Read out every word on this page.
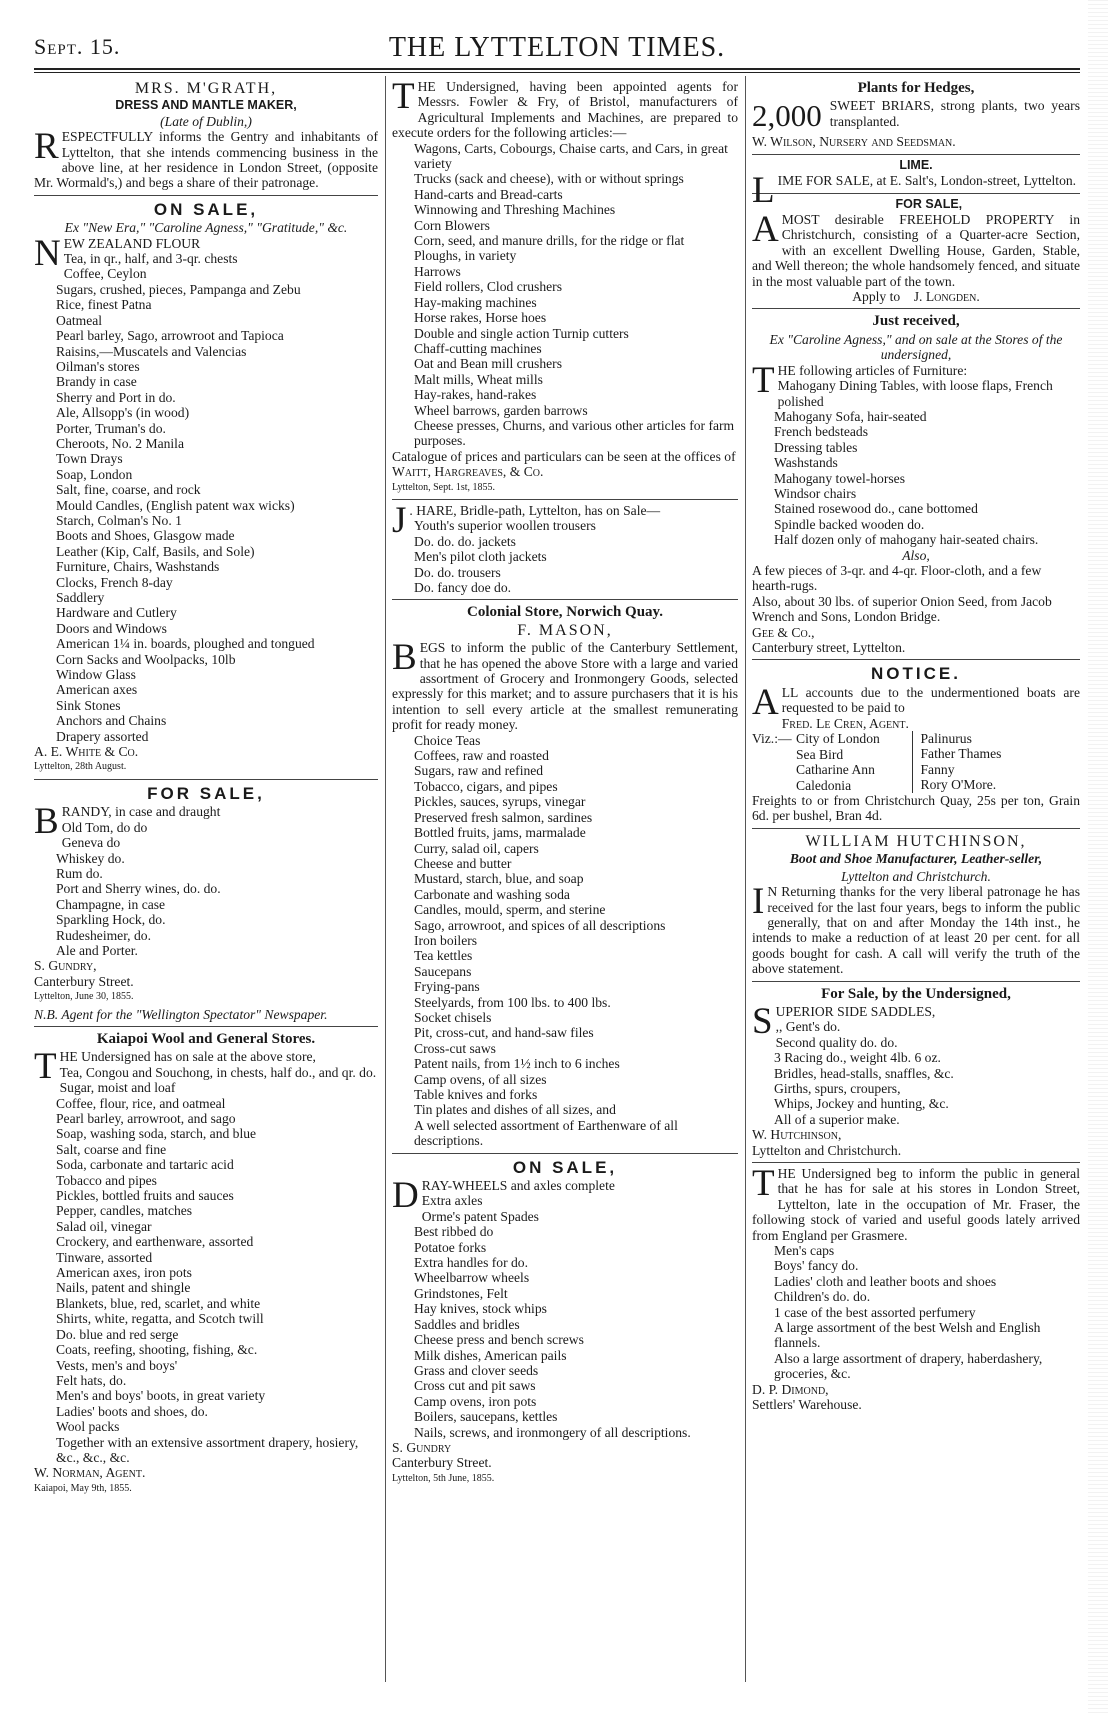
Sept. 15.	THE LYTTELTON TIMES.
MRS. M'GRATH,
DRESS AND MANTLE MAKER,
(Late of Dublin,)

RESPECTFULLY informs the Gentry and inhabitants of Lyttelton, that she intends commencing business in the above line, at her residence in London Street, (opposite Mr. Wormald's,) and begs a share of their patronage.

ON SALE,
Ex "New Era," "Caroline Agness," "Gratitude," &c.

NEW ZEALAND FLOUR

Tea, in qr., half, and 3-qr. chests
Coffee, Ceylon
Sugars, crushed, pieces, Pampanga and Zebu
Rice, finest Patna
Oatmeal
Pearl barley, Sago, arrowroot and Tapioca
Raisins,—Muscatels and Valencias
Oilman's stores
Brandy in case
Sherry and Port in do.
Ale, Allsopp's (in wood)
Porter, Truman's do.
Cheroots, No. 2 Manila
Town Drays
Soap, London
Salt, fine, coarse, and rock
Mould Candles, (English patent wax wicks)
Starch, Colman's No. 1
Boots and Shoes, Glasgow made
Leather (Kip, Calf, Basils, and Sole)
Furniture, Chairs, Washstands
Clocks, French 8-day
Saddlery
Hardware and Cutlery
Doors and Windows
American 1¼ in. boards, ploughed and tongued
Corn Sacks and Woolpacks, 10lb
Window Glass
American axes
Sink Stones
Anchors and Chains
Drapery assorted

A. E. White & Co.

Lyttelton, 28th August.

FOR SALE,

BRANDY, in case and draught

Old Tom, do do
Geneva do
Whiskey do.
Rum do.
Port and Sherry wines, do. do.
Champagne, in case
Sparkling Hock, do.
Rudesheimer, do.
Ale and Porter.

S. Gundry,

Canterbury Street.

Lyttelton, June 30, 1855.

N.B. Agent for the "Wellington Spectator" Newspaper.

Kaiapoi Wool and General Stores.

THE Undersigned has on sale at the above store,

Tea, Congou and Souchong, in chests, half do., and qr. do.
Sugar, moist and loaf
Coffee, flour, rice, and oatmeal
Pearl barley, arrowroot, and sago
Soap, washing soda, starch, and blue
Salt, coarse and fine
Soda, carbonate and tartaric acid
Tobacco and pipes
Pickles, bottled fruits and sauces
Pepper, candles, matches
Salad oil, vinegar
Crockery, and earthenware, assorted
Tinware, assorted
American axes, iron pots
Nails, patent and shingle
Blankets, blue, red, scarlet, and white
Shirts, white, regatta, and Scotch twill
Do. blue and red serge
Coats, reefing, shooting, fishing, &c.
Vests, men's and boys'
Felt hats, do.
Men's and boys' boots, in great variety
Ladies' boots and shoes, do.
Wool packs
Together with an extensive assortment drapery, hosiery, &c., &c., &c.

W. Norman, Agent.

Kaiapoi, May 9th, 1855.

THE Undersigned, having been appointed agents for Messrs. Fowler & Fry, of Bristol, manufacturers of Agricultural Implements and Machines, are prepared to execute orders for the following articles:—

Wagons, Carts, Cobourgs, Chaise carts, and Cars, in great variety
Trucks (sack and cheese), with or without springs
Hand-carts and Bread-carts
Winnowing and Threshing Machines
Corn Blowers
Corn, seed, and manure drills, for the ridge or flat
Ploughs, in variety
Harrows
Field rollers, Clod crushers
Hay-making machines
Horse rakes, Horse hoes
Double and single action Turnip cutters
Chaff-cutting machines
Oat and Bean mill crushers
Malt mills, Wheat mills
Hay-rakes, hand-rakes
Wheel barrows, garden barrows
Cheese presses, Churns, and various other articles for farm purposes.

Catalogue of prices and particulars can be seen at the offices of

Waitt, Hargreaves, & Co.

Lyttelton, Sept. 1st, 1855.

J . HARE, Bridle-path, Lyttelton, has on Sale—

Youth's superior woollen trousers
Do. do. do. jackets
Men's pilot cloth jackets
Do. do. trousers
Do. fancy doe do.
Colonial Store, Norwich Quay.
F. MASON,

BEGS to inform the public of the Canterbury Settlement, that he has opened the above Store with a large and varied assortment of Grocery and Ironmongery Goods, selected expressly for this market; and to assure purchasers that it is his intention to sell every article at the smallest remunerating profit for ready money.

Choice Teas
Coffees, raw and roasted
Sugars, raw and refined
Tobacco, cigars, and pipes
Pickles, sauces, syrups, vinegar
Preserved fresh salmon, sardines
Bottled fruits, jams, marmalade
Curry, salad oil, capers
Cheese and butter
Mustard, starch, blue, and soap
Carbonate and washing soda
Candles, mould, sperm, and sterine
Sago, arrowroot, and spices of all descriptions
Iron boilers
Tea kettles
Saucepans
Frying-pans
Steelyards, from 100 lbs. to 400 lbs.
Socket chisels
Pit, cross-cut, and hand-saw files
Cross-cut saws
Patent nails, from 1½ inch to 6 inches
Camp ovens, of all sizes
Table knives and forks
Tin plates and dishes of all sizes, and
A well selected assortment of Earthenware of all descriptions.
ON SALE,

DRAY-WHEELS and axles complete

Extra axles
Orme's patent Spades
Best ribbed do
Potatoe forks
Extra handles for do.
Wheelbarrow wheels
Grindstones, Felt
Hay knives, stock whips
Saddles and bridles
Cheese press and bench screws
Milk dishes, American pails
Grass and clover seeds
Cross cut and pit saws
Camp ovens, iron pots
Boilers, saucepans, kettles
Nails, screws, and ironmongery of all descriptions.

S. Gundry

Canterbury Street.

Lyttelton, 5th June, 1855.

Plants for Hedges,

2,000 SWEET BRIARS, strong plants, two years transplanted.

W. Wilson, Nursery and Seedsman.

LIME.

LIME FOR SALE, at E. Salt's, London-street, Lyttelton.

FOR SALE,

A MOST desirable FREEHOLD PROPERTY in Christchurch, consisting of a Quarter-acre Section, with an excellent Dwelling House, Garden, Stable, and Well thereon; the whole handsomely fenced, and situate in the most valuable part of the town.

Apply to J. Longden.

Just received,
Ex "Caroline Agness," and on sale at the Stores of the undersigned,

THE following articles of Furniture:

Mahogany Dining Tables, with loose flaps, French polished
Mahogany Sofa, hair-seated
French bedsteads
Dressing tables
Washstands
Mahogany towel-horses
Windsor chairs
Stained rosewood do., cane bottomed
Spindle backed wooden do.
Half dozen only of mahogany hair-seated chairs.
Also,
A few pieces of 3-qr. and 4-qr. Floor-cloth, and a few hearth-rugs.
Also, about 30 lbs. of superior Onion Seed, from Jacob Wrench and Sons, London Bridge.

Gee & Co.,

Canterbury street, Lyttelton.

NOTICE.

ALL accounts due to the undermentioned boats are requested to be paid to

Fred. Le Cren, Agent.

Viz.:— City of London
Sea Bird
Catharine Ann
Caledonia
Palinurus
Father Thames
Fanny
Rory O'More.

Freights to or from Christchurch Quay, 25s per ton, Grain 6d. per bushel, Bran 4d.

WILLIAM HUTCHINSON,
Boot and Shoe Manufacturer, Leather-seller,
Lyttelton and Christchurch.

I N Returning thanks for the very liberal patronage he has received for the last four years, begs to inform the public generally, that on and after Monday the 14th inst., he intends to make a reduction of at least 20 per cent. for all goods bought for cash. A call will verify the truth of the above statement.

For Sale, by the Undersigned,

SUPERIOR SIDE SADDLES,

,, Gent's do.
Second quality do. do.
3 Racing do., weight 4lb. 6 oz.
Bridles, head-stalls, snaffles, &c.
Girths, spurs, croupers,
Whips, Jockey and hunting, &c.
All of a superior make.

W. Hutchinson,

Lyttelton and Christchurch.

THE Undersigned beg to inform the public in general that he has for sale at his stores in London Street, Lyttelton, late in the occupation of Mr. Fraser, the following stock of varied and useful goods lately arrived from England per Grasmere.

Men's caps
Boys' fancy do.
Ladies' cloth and leather boots and shoes
Children's do. do.
1 case of the best assorted perfumery
A large assortment of the best Welsh and English flannels.
Also a large assortment of drapery, haberdashery, groceries, &c.

D. P. Dimond,

Settlers' Warehouse.
